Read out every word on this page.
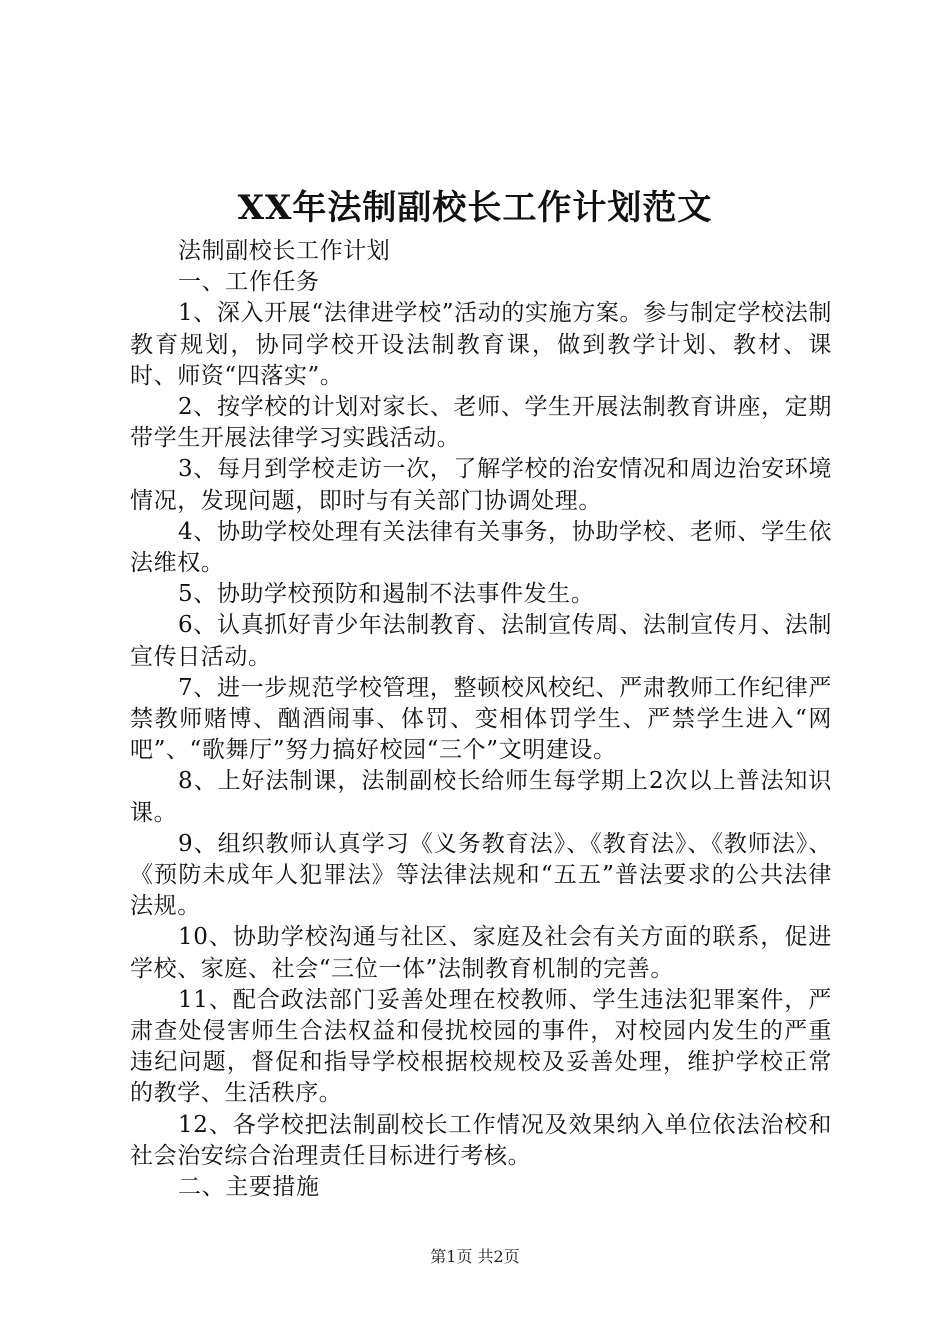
XX年法制副校长工作计划范文

法制副校长工作计划

一、工作任务

1、深入开展“法律进学校”活动的实施方案。参与制定学校法制教育规划，协同学校开设法制教育课，做到教学计划、教材、课时、师资“四落实”。

2、按学校的计划对家长、老师、学生开展法制教育讲座，定期带学生开展法律学习实践活动。

3、每月到学校走访一次，了解学校的治安情况和周边治安环境情况，发现问题，即时与有关部门协调处理。

4、协助学校处理有关法律有关事务，协助学校、老师、学生依法维权。

5、协助学校预防和遏制不法事件发生。

6、认真抓好青少年法制教育、法制宣传周、法制宣传月、法制宣传日活动。

7、进一步规范学校管理，整顿校风校纪、严肃教师工作纪律严禁教师赌博、酗酒闹事、体罚、变相体罚学生、严禁学生进入“网吧”、“歌舞厅”努力搞好校园“三个”文明建设。

8、上好法制课，法制副校长给师生每学期上2次以上普法知识课。

9、组织教师认真学习《义务教育法》、《教育法》、《教师法》、《预防未成年人犯罪法》等法律法规和“五五”普法要求的公共法律法规。

10、协助学校沟通与社区、家庭及社会有关方面的联系，促进学校、家庭、社会“三位一体”法制教育机制的完善。

11、配合政法部门妥善处理在校教师、学生违法犯罪案件，严肃查处侵害师生合法权益和侵扰校园的事件，对校园内发生的严重违纪问题，督促和指导学校根据校规校及妥善处理，维护学校正常的教学、生活秩序。

12、各学校把法制副校长工作情况及效果纳入单位依法治校和社会治安综合治理责任目标进行考核。

二、主要措施

第1页 共2页
